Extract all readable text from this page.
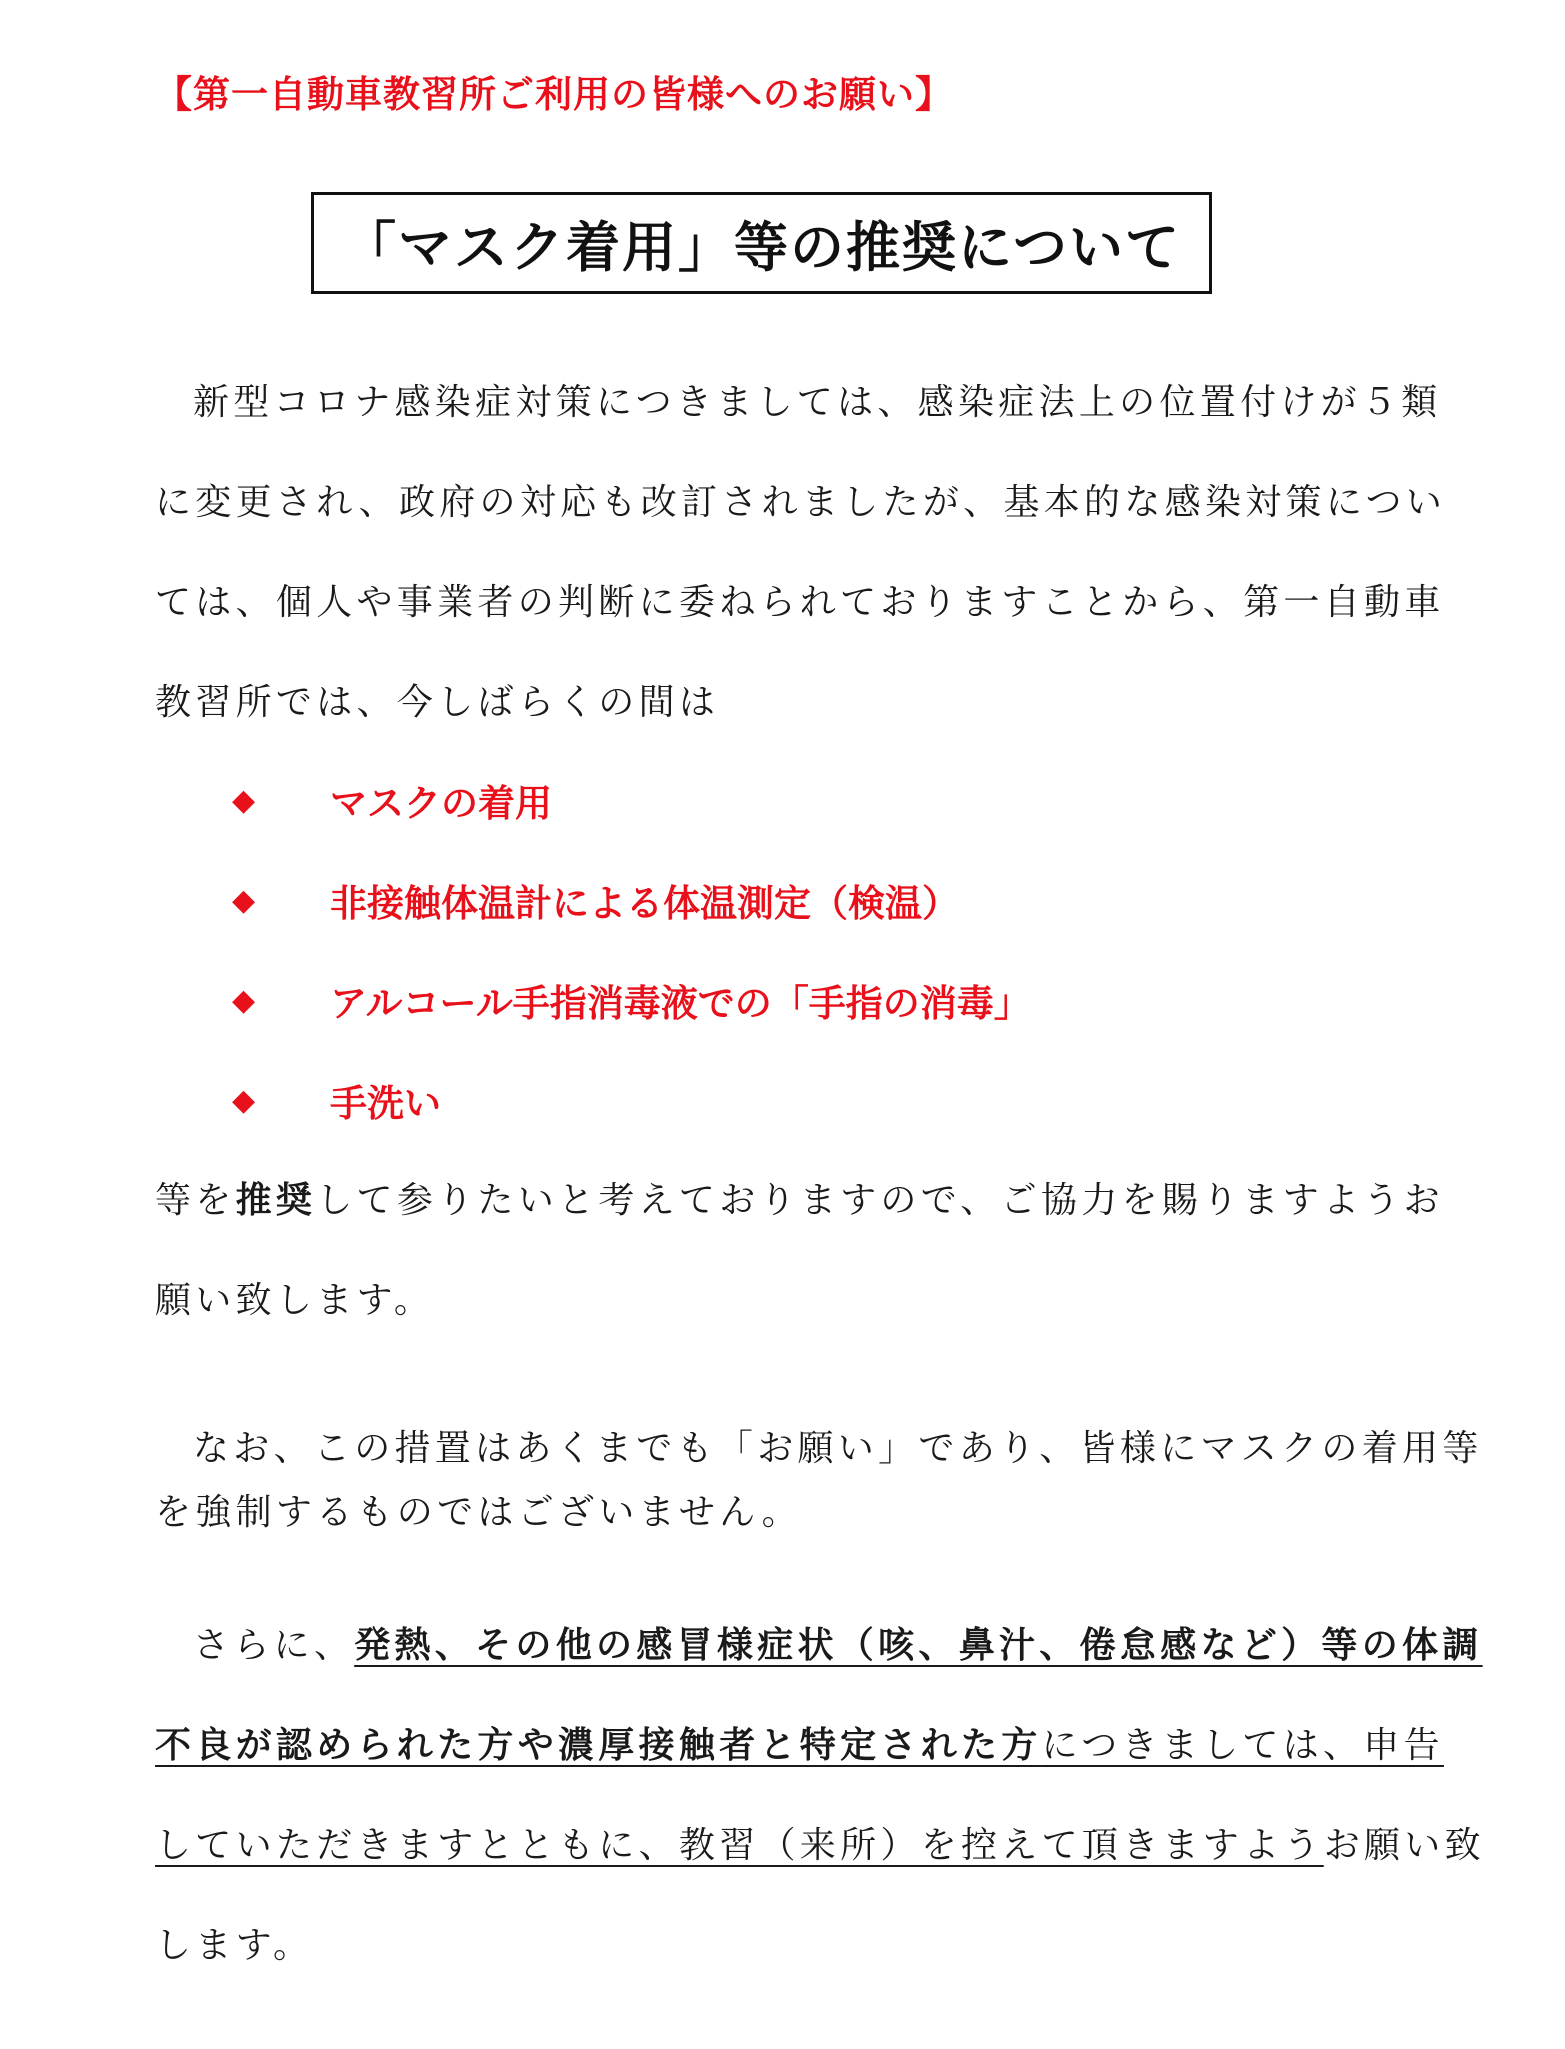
【第一自動車教習所ご利用の皆様へのお願い】
「マスク着用」等の推奨について
新型コロナ感染症対策につきましては、感染症法上の位置付けが５類
に変更され、政府の対応も改訂されましたが、基本的な感染対策につい
ては、個人や事業者の判断に委ねられておりますことから、第一自動車
教習所では、今しばらくの間は
◆	マスクの着用
◆	非接触体温計による体温測定（検温）
◆	アルコール手指消毒液での「手指の消毒」
◆	手洗い
等を推奨して参りたいと考えておりますので、ご協力を賜りますようお
願い致します。
なお、この措置はあくまでも「お願い」であり、皆様にマスクの着用等
を強制するものではございません。
さらに、発熱、その他の感冒様症状（咳、鼻汁、倦怠感など）等の体調
不良が認められた方や濃厚接触者と特定された方につきましては、申告
していただきますとともに、教習（来所）を控えて頂きますようお願い致
します。
